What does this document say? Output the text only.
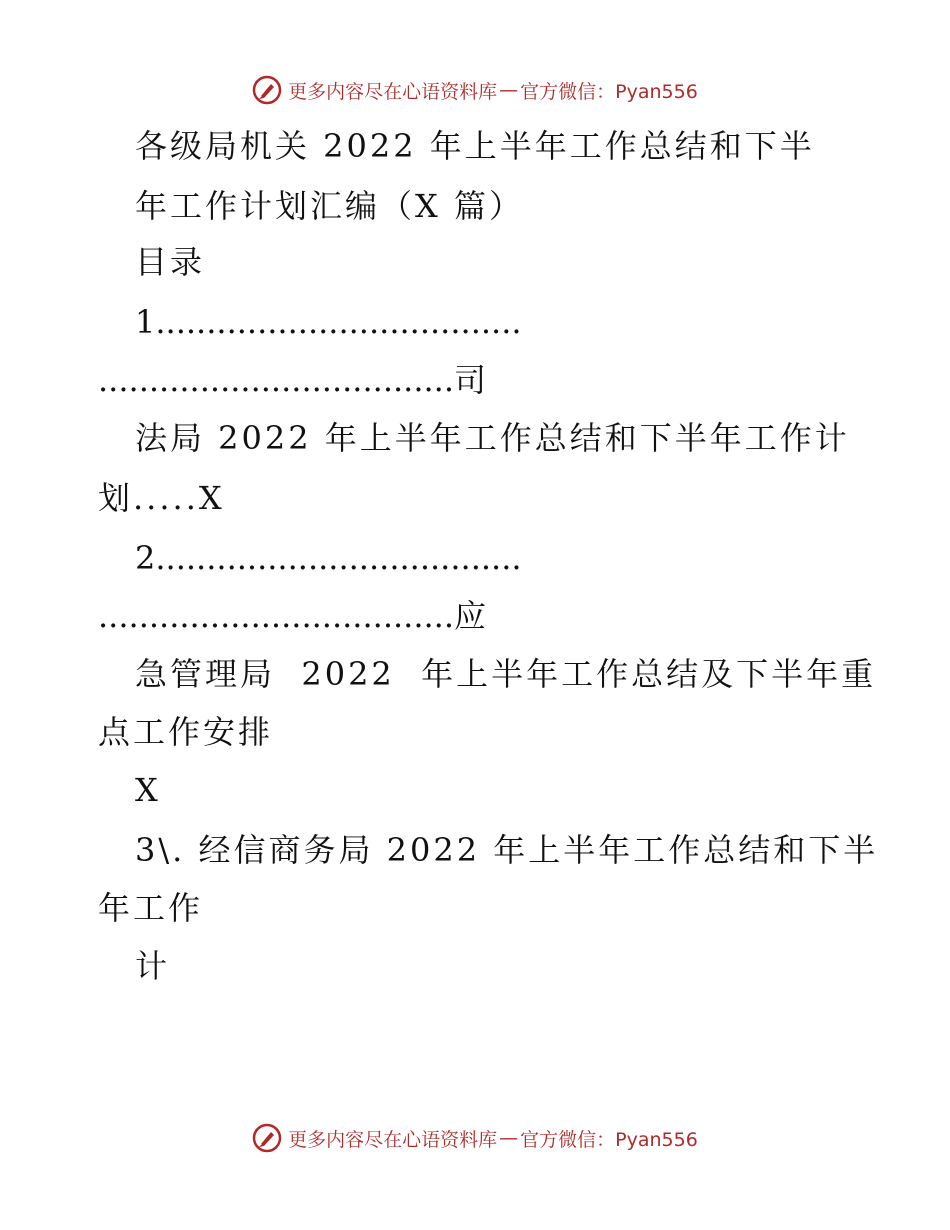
更多内容尽在心语资料库 — 官方微信：Pyan556
各级局机关 2022 年上半年工作总结和下半
年工作计划汇编（X 篇）
目录
1....................................
...................................司
法局 2022 年上半年工作总结和下半年工作计
划.....X
2....................................
...................................应
急管理局  2022  年上半年工作总结及下半年重
点工作安排
X
3\. 经信商务局 2022 年上半年工作总结和下半
年工作
计
更多内容尽在心语资料库 — 官方微信：Pyan556
